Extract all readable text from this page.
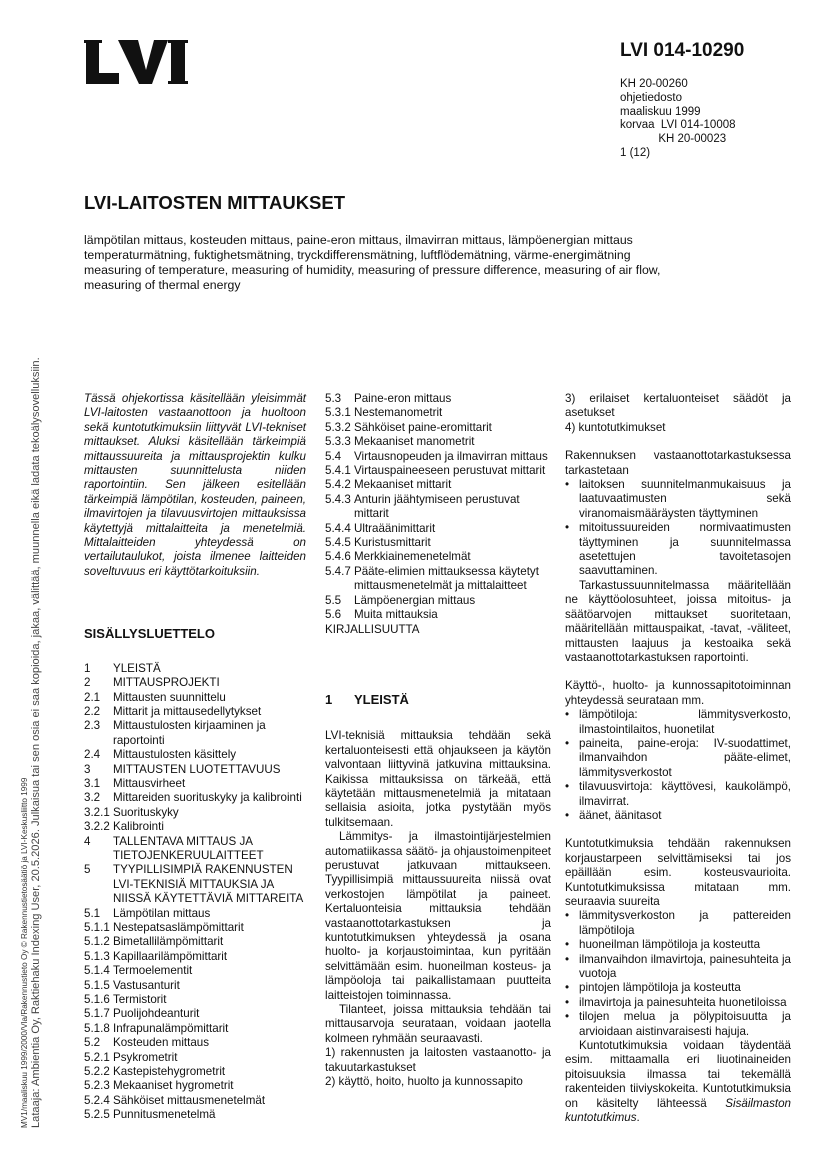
LVI 014-10290
KH 20-00260
ohjetiedosto
maaliskuu 1999
korvaa  LVI 014-10008
KH 20-00023
1 (12)
LVI-LAITOSTEN MITTAUKSET
lämpötilan mittaus, kosteuden mittaus, paine-eron mittaus, ilmavirran mittaus, lämpöenergian mittaus
temperaturmätning, fuktighetsmätning, tryckdifferensmätning, luftflödemätning, värme-energimätning
measuring of temperature, measuring of humidity, measuring of pressure difference, measuring of air flow,
measuring of thermal energy
MV1/maaliskuu 1999/2000/Vla/Rakennustieto Oy © Rakennustietosäätiö ja LVI-Keskusliitto 1999 Lataaja: Ambientia Oy, Raktiehaku Indexing User, 20.5.2026. Julkaisua tai sen osia ei saa kopioida, jakaa, välittää, muunnella eikä ladata tekoälysovelluksiin.	Tässä ohjekortissa käsitellään yleisimmät LVI-laitosten vastaanottoon ja huoltoon sekä kuntotutkimuksiin liittyvät LVI-tekniset mittaukset. Aluksi käsitellään tärkeimpiä mittaussuureita ja mittausprojektin kulku mittausten suunnittelusta niiden raportointiin. Sen jälkeen esitellään tärkeimpiä lämpötilan, kosteuden, paineen, ilmavirtojen ja tilavuusvirtojen mittauksissa käytettyjä mittalaitteita ja menetelmiä. Mittalaitteiden yhteydessä on vertailutaulukot, joista ilmenee laitteiden soveltuvuus eri käyttötarkoituksiin.

SISÄLLYSLUETTELO
1	YLEISTÄ
2	MITTAUSPROJEKTI
2.1	Mittausten suunnittelu
2.2	Mittarit ja mittausedellytykset
2.3	Mittaustulosten kirjaaminen ja raportointi
2.4	Mittaustulosten käsittely
3	MITTAUSTEN LUOTETTAVUUS
3.1	Mittausvirheet
3.2	Mittareiden suorituskyky ja kalibrointi
3.2.1 Suorituskyky
3.2.2 Kalibrointi
4	TALLENTAVA MITTAUS JA TIETOJENKERUULAITTEET
5	TYYPILLISIMPIÄ RAKENNUSTEN LVI-TEKNISIÄ MITTAUKSIA JA NIISSÄ KÄYTETTÄVIÄ MITTAREITA
5.1	Lämpötilan mittaus
5.1.1 Nestepatsaslämpömittarit
5.1.2 Bimetallilämpömittarit
5.1.3 Kapillaarilämpömittarit
5.1.4 Termoelementit
5.1.5 Vastusanturit
5.1.6 Termistorit
5.1.7 Puolijohdeanturit
5.1.8 Infrapunalämpömittarit
5.2	Kosteuden mittaus
5.2.1 Psykrometrit
5.2.2 Kastepistehygrometrit
5.2.3 Mekaaniset hygrometrit
5.2.4 Sähköiset mittausmenetelmät
5.2.5 Punnitusmenetelmä
5.3	Paine-eron mittaus
5.3.1 Nestemanometrit
5.3.2 Sähköiset paine-eromittarit
5.3.3 Mekaaniset manometrit
5.4	Virtausnopeuden ja ilmavirran mittaus
5.4.1 Virtauspaineeseen perustuvat mittarit
5.4.2 Mekaaniset mittarit
5.4.3 Anturin jäähtymiseen perustuvat mittarit
5.4.4 Ultraäänimittarit
5.4.5 Kuristusmittarit
5.4.6 Merkkiainemenetelmät
5.4.7 Pääte-elimien mittauksessa käytetyt mittausmenetelmät ja mittalaitteet
5.5	Lämpöenergian mittaus
5.6	Muita mittauksia
KIRJALLISUUTTA
1	YLEISTÄ

LVI-teknisiä mittauksia tehdään sekä kertaluonteisesti että ohjaukseen ja käytön valvontaan liittyvinä jatkuvina mittauksina. Kaikissa mittauksissa on tärkeää, että käytetään mittausmenetelmiä ja mitataan sellaisia asioita, jotka pystytään myös tulkitsemaan.

Lämmitys- ja ilmastointijärjestelmien automatiikassa säätö- ja ohjaustoimenpiteet perustuvat jatkuvaan mittaukseen. Tyypillisimpiä mittaussuureita niissä ovat verkostojen lämpötilat ja paineet. Kertaluonteisia mittauksia tehdään vastaanottotarkastuksen ja kuntotutkimuksen yhteydessä ja osana huolto- ja korjaustoimintaa, kun pyritään selvittämään esim. huoneilman kosteus- ja lämpöoloja tai paikallistamaan puutteita laitteistojen toiminnassa.

Tilanteet, joissa mittauksia tehdään tai mittausarvoja seurataan, voidaan jaotella kolmeen ryhmään seuraavasti.

1) rakennusten ja laitosten vastaanotto- ja takuutarkastukset
2) käyttö, hoito, huolto ja kunnossapito
3) erilaiset kertaluonteiset säädöt ja asetukset
4) kuntotutkimukset

Rakennuksen vastaanottotarkastuksessa tarkastetaan

• laitoksen suunnitelmanmukaisuus ja laatuvaatimusten sekä viranomaismääräysten täyttyminen
• mitoitussuureiden normivaatimusten täyttyminen ja suunnitelmassa asetettujen tavoitetasojen saavuttaminen.

Tarkastussuunnitelmassa määritellään ne käyttöolosuhteet, joissa mitoitus- ja säätöarvojen mittaukset suoritetaan, määritellään mittauspaikat, -tavat, -väliteet, mittausten laajuus ja kestoaika sekä vastaanottotarkastuksen raportointi.

Käyttö-, huolto- ja kunnossapitotoiminnan yhteydessä seurataan mm.

• lämpötiloja: lämmitysverkosto, ilmastointilaitos, huonetilat
• paineita, paine-eroja: IV-suodattimet, ilmanvaihdon pääte-elimet, lämmitysverkostot
• tilavuusvirtoja: käyttövesi, kaukolämpö, ilmavirrat.
• äänet, äänitasot

Kuntotutkimuksia tehdään rakennuksen korjaustarpeen selvittämiseksi tai jos epäillään esim. kosteusvaurioita. Kuntotutkimuksissa mitataan mm. seuraavia suureita

• lämmitysverkoston ja pattereiden lämpötiloja
• huoneilman lämpötiloja ja kosteutta
• ilmanvaihdon ilmavirtoja, painesuhteita ja vuotoja
• pintojen lämpötiloja ja kosteutta
• ilmavirtoja ja painesuhteita huonetiloissa
• tilojen melua ja pölypitoisuutta ja arvioidaan aistinvaraisesti hajuja.

Kuntotutkimuksia voidaan täydentää esim. mittaamalla eri liuotinaineiden pitoisuuksia ilmassa tai tekemällä rakenteiden tiiviyskokeita. Kuntotutkimuksia on käsitelty lähteessä Sisäilmaston kuntotutkimus.
